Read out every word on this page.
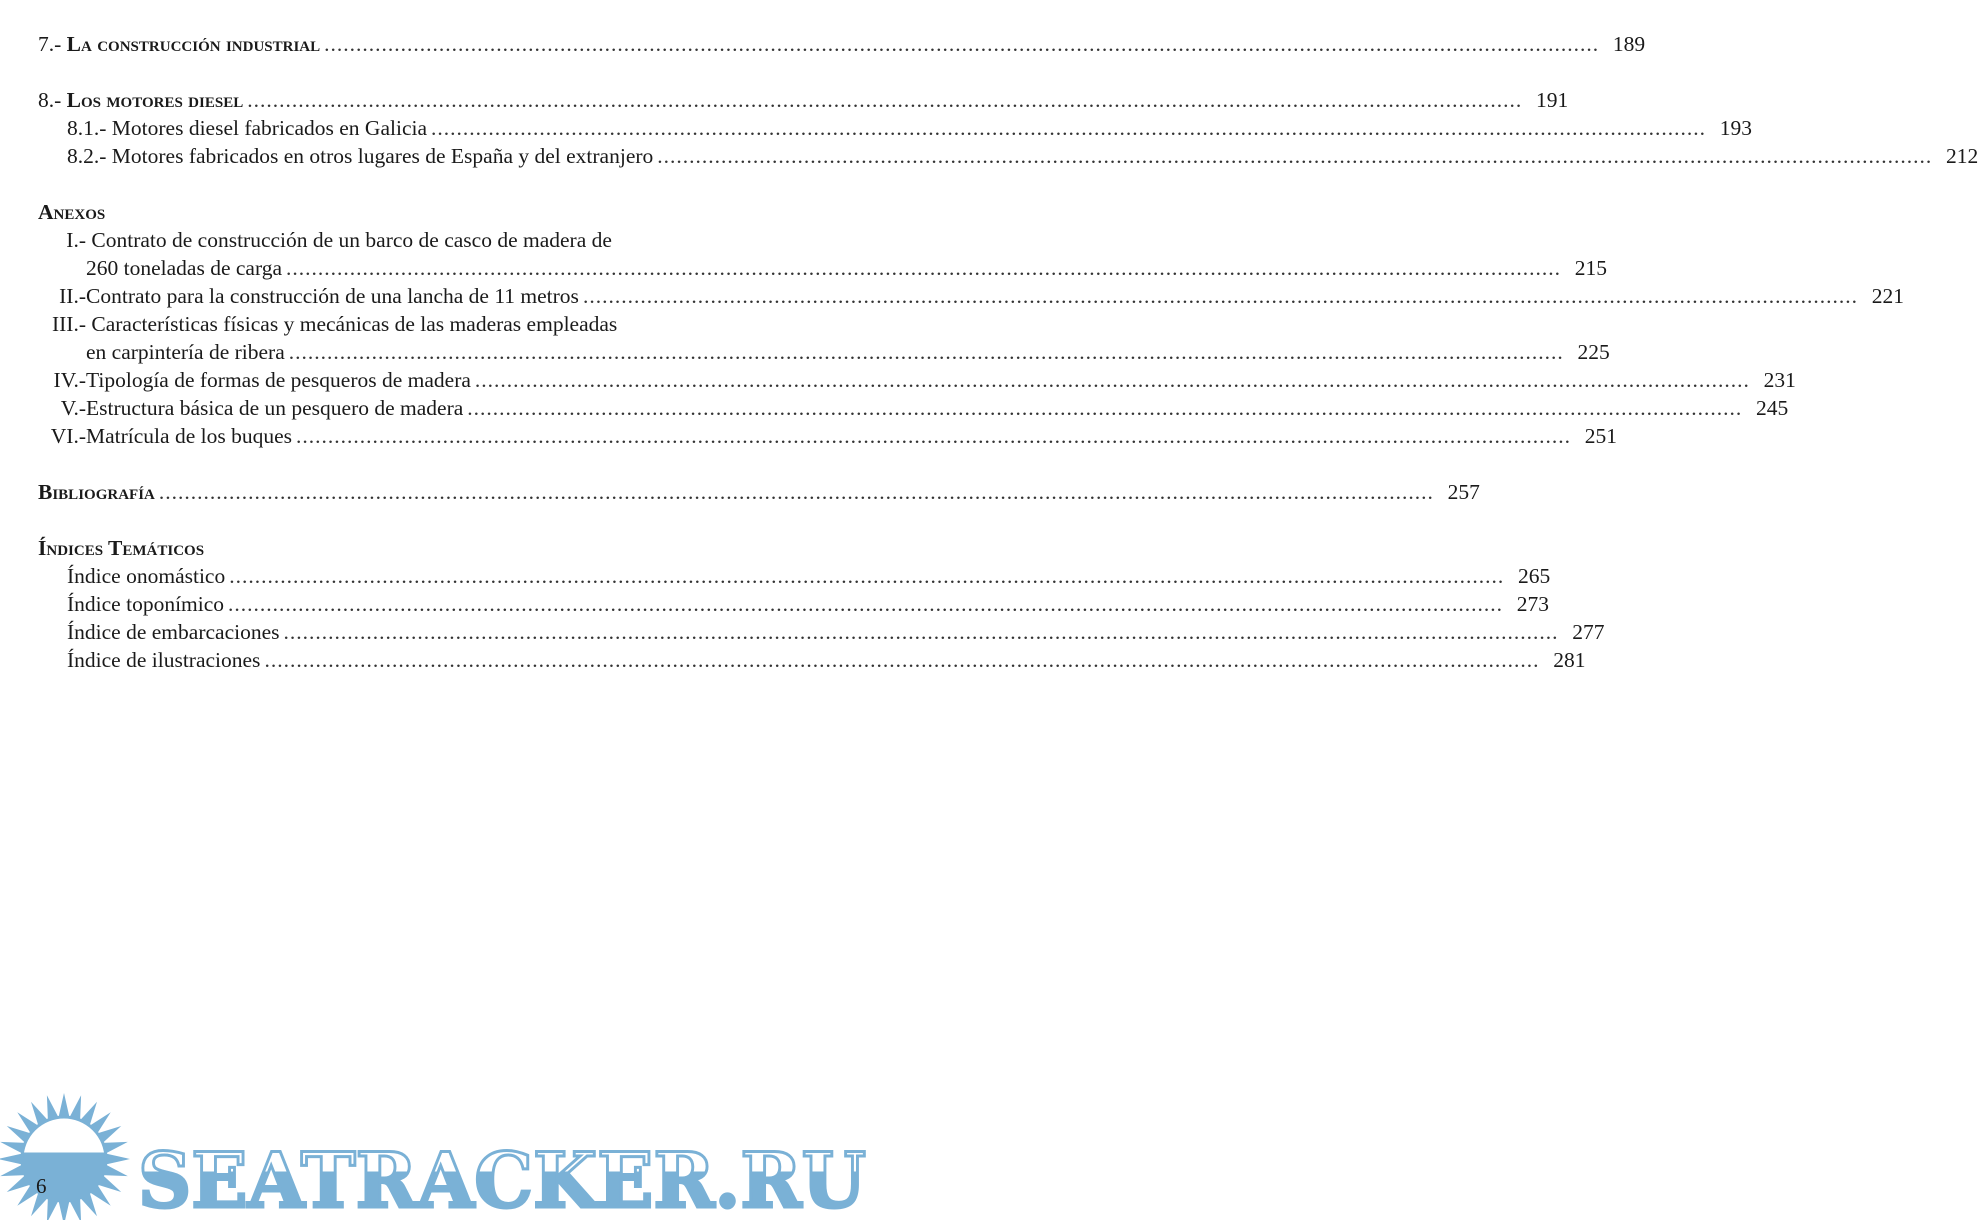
7.- La construcción industrial ........................................................................................................................................................................................................ 189
8.- Los motores diesel ........................................................................................................................................................................................................ 191
8.1.- Motores diesel fabricados en Galicia ........................................................................................................................................................................................................ 193
8.2.- Motores fabricados en otros lugares de España y del extranjero ........................................................................................................................................................................................................ 212
Anexos
I.- Contrato de construcción de un barco de casco de madera de
260 toneladas de carga ........................................................................................................................................................................................................ 215
II.-Contrato para la construcción de una lancha de 11 metros ........................................................................................................................................................................................................ 221
III.- Características físicas y mecánicas de las maderas empleadas
en carpintería de ribera ........................................................................................................................................................................................................ 225
IV.-Tipología de formas de pesqueros de madera ........................................................................................................................................................................................................ 231
V.-Estructura básica de un pesquero de madera ........................................................................................................................................................................................................ 245
VI.-Matrícula de los buques ........................................................................................................................................................................................................ 251
Bibliografía ........................................................................................................................................................................................................ 257
Índices Temáticos
Índice onomástico ........................................................................................................................................................................................................ 265
Índice toponímico ........................................................................................................................................................................................................ 273
Índice de embarcaciones ........................................................................................................................................................................................................ 277
Índice de ilustraciones ........................................................................................................................................................................................................ 281
SEATRACKER.RU
6
